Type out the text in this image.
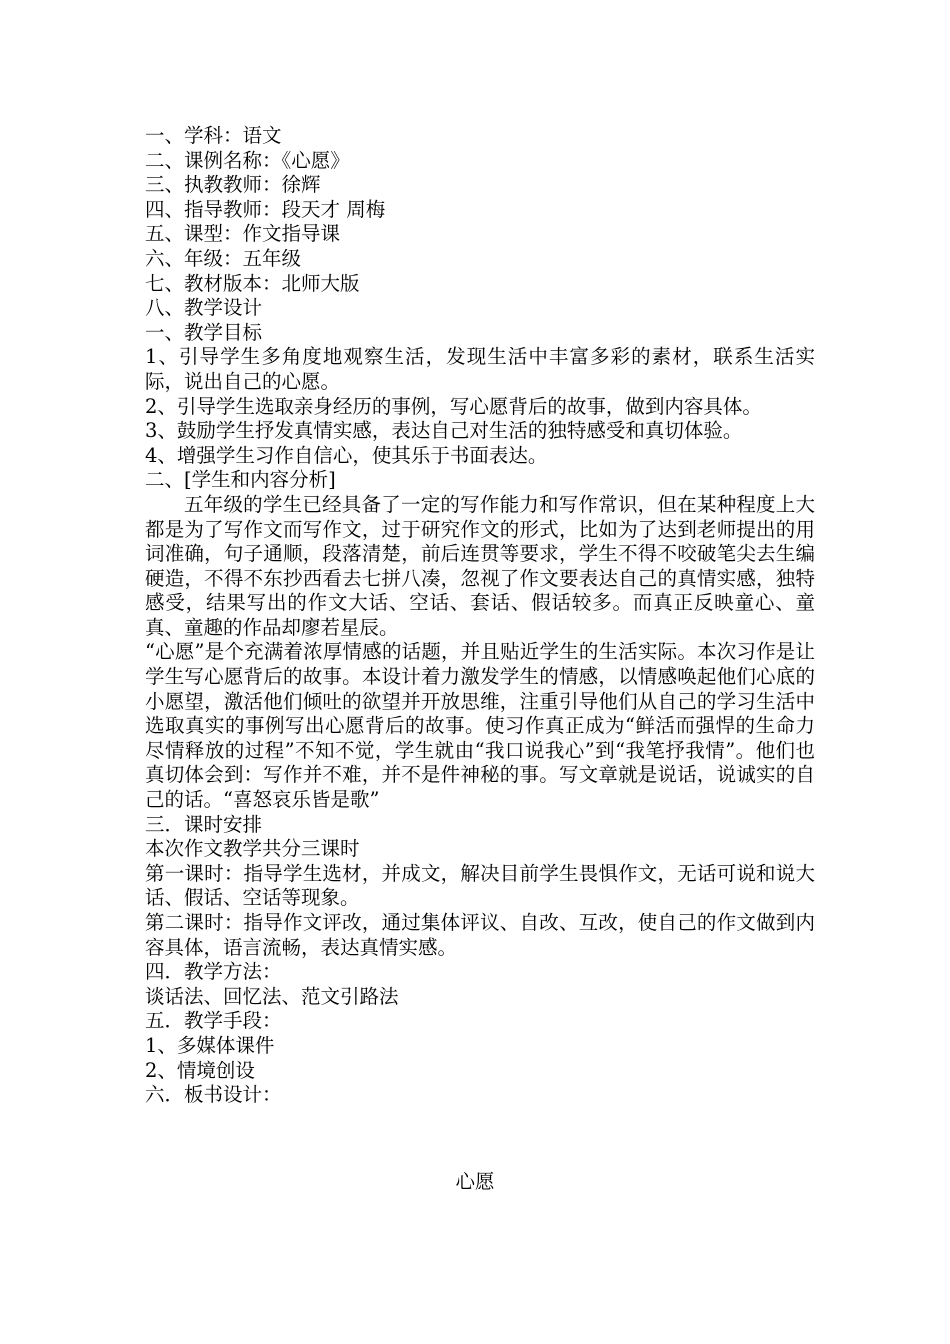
一、学科：语文
二、课例名称：《心愿》
三、执教教师：徐辉
四、指导教师：段天才 周梅
五、课型：作文指导课
六、年级：五年级
七、教材版本：北师大版
八、教学设计
一、教学目标
1、引导学生多角度地观察生活，发现生活中丰富多彩的素材，联系生活实际，说出自己的心愿。
2、引导学生选取亲身经历的事例，写心愿背后的故事，做到内容具体。
3、鼓励学生抒发真情实感，表达自己对生活的独特感受和真切体验。
4、增强学生习作自信心，使其乐于书面表达。
二、[学生和内容分析]
五年级的学生已经具备了一定的写作能力和写作常识，但在某种程度上大都是为了写作文而写作文，过于研究作文的形式，比如为了达到老师提出的用词准确，句子通顺，段落清楚，前后连贯等要求，学生不得不咬破笔尖去生编硬造，不得不东抄西看去七拼八凑，忽视了作文要表达自己的真情实感，独特感受，结果写出的作文大话、空话、套话、假话较多。而真正反映童心、童真、童趣的作品却廖若星辰。
“心愿”是个充满着浓厚情感的话题，并且贴近学生的生活实际。本次习作是让学生写心愿背后的故事。本设计着力激发学生的情感，以情感唤起他们心底的小愿望，激活他们倾吐的欲望并开放思维，注重引导他们从自己的学习生活中选取真实的事例写出心愿背后的故事。使习作真正成为“鲜活而强悍的生命力尽情释放的过程”不知不觉，学生就由“我口说我心”到“我笔抒我情”。他们也真切体会到：写作并不难，并不是件神秘的事。写文章就是说话，说诚实的自己的话。“喜怒哀乐皆是歌”
三．课时安排
本次作文教学共分三课时
第一课时：指导学生选材，并成文，解决目前学生畏惧作文，无话可说和说大话、假话、空话等现象。
第二课时：指导作文评改，通过集体评议、自改、互改，使自己的作文做到内容具体，语言流畅，表达真情实感。
四．教学方法：
谈话法、回忆法、范文引路法
五．教学手段：
1、多媒体课件
2、情境创设
六．板书设计：
心愿
